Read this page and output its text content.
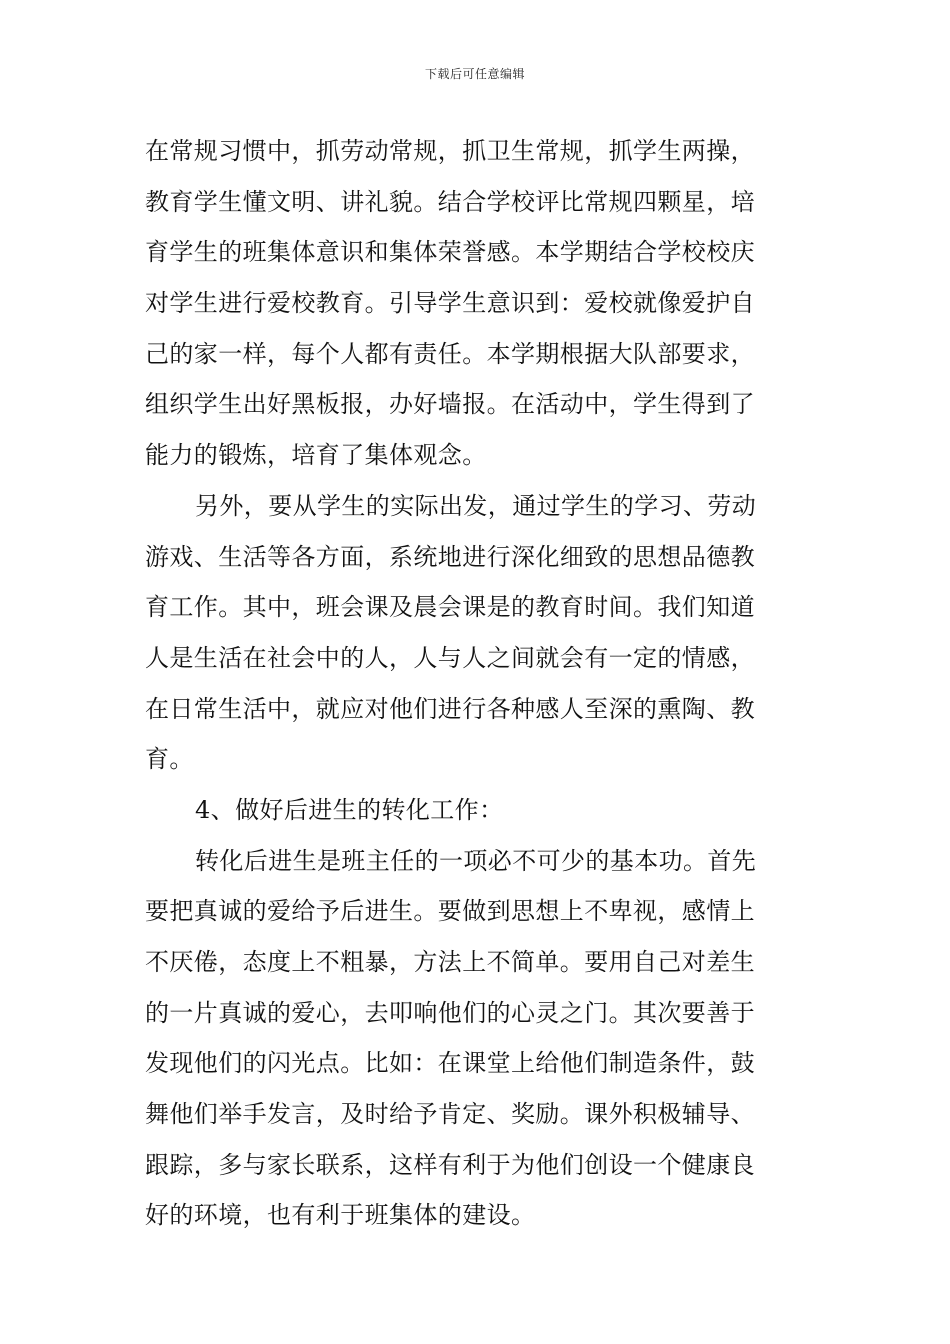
下载后可任意编辑
在常规习惯中，抓劳动常规，抓卫生常规，抓学生两操，
教育学生懂文明、讲礼貌。结合学校评比常规四颗星，培
育学生的班集体意识和集体荣誉感。本学期结合学校校庆
对学生进行爱校教育。引导学生意识到：爱校就像爱护自
己的家一样，每个人都有责任。本学期根据大队部要求，
组织学生出好黑板报，办好墙报。在活动中，学生得到了
能力的锻炼，培育了集体观念。
另外，要从学生的实际出发，通过学生的学习、劳动
游戏、生活等各方面，系统地进行深化细致的思想品德教
育工作。其中，班会课及晨会课是的教育时间。我们知道
人是生活在社会中的人，人与人之间就会有一定的情感，
在日常生活中，就应对他们进行各种感人至深的熏陶、教
育。
4、做好后进生的转化工作：
转化后进生是班主任的一项必不可少的基本功。首先
要把真诚的爱给予后进生。要做到思想上不卑视，感情上
不厌倦，态度上不粗暴，方法上不简单。要用自己对差生
的一片真诚的爱心，去叩响他们的心灵之门。其次要善于
发现他们的闪光点。比如：在课堂上给他们制造条件，鼓
舞他们举手发言，及时给予肯定、奖励。课外积极辅导、
跟踪，多与家长联系，这样有利于为他们创设一个健康良
好的环境，也有利于班集体的建设。
